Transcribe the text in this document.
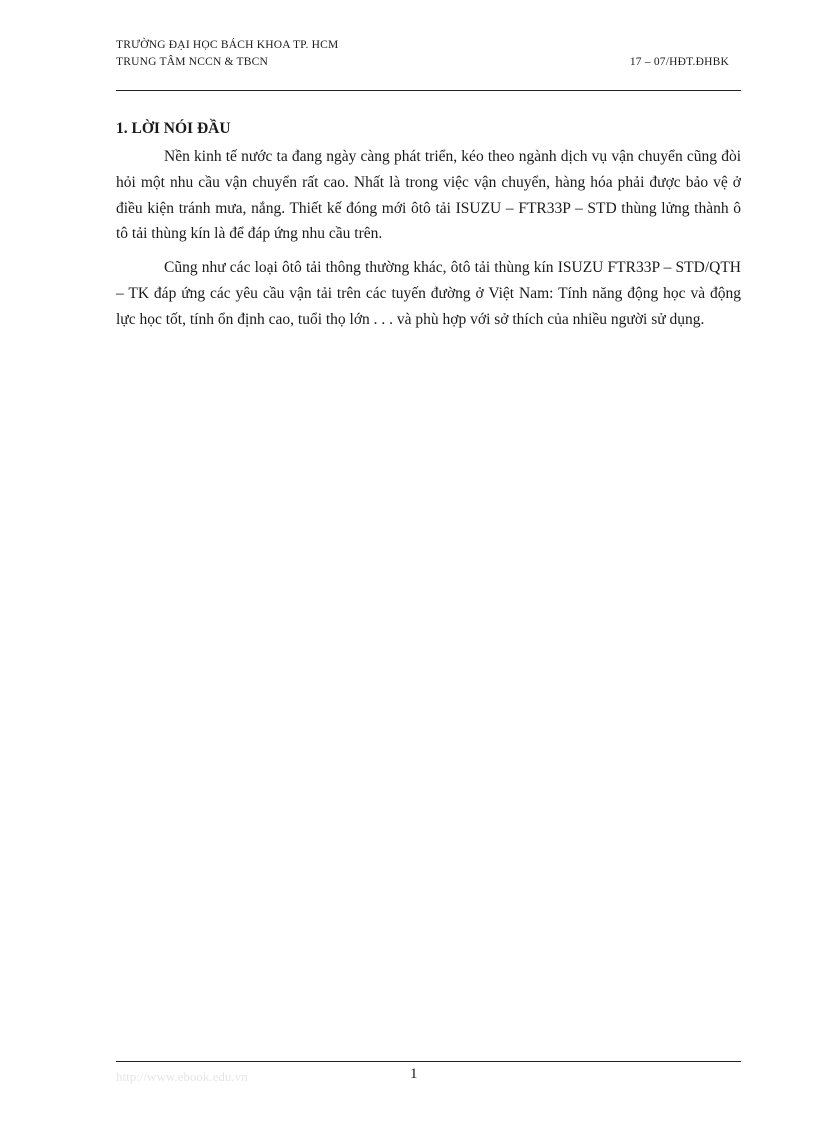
TRƯỜNG ĐẠI HỌC BÁCH KHOA TP. HCM
TRUNG TÂM NCCN & TBCN	17 – 07/HĐT.ĐHBK
1. LỜI NÓI ĐẦU

Nền kinh tế nước ta đang ngày càng phát triển, kéo theo ngành dịch vụ vận chuyển cũng đòi hỏi một nhu cầu vận chuyển rất cao. Nhất là trong việc vận chuyển, hàng hóa phải được bảo vệ ở điều kiện tránh mưa, nắng. Thiết kế đóng mới ôtô tải ISUZU – FTR33P – STD thùng lửng thành ô tô tải thùng kín là để đáp ứng nhu cầu trên.

Cũng như các loại ôtô tải thông thường khác, ôtô tải thùng kín ISUZU FTR33P – STD/QTH – TK đáp ứng các yêu cầu vận tải trên các tuyến đường ở Việt Nam: Tính năng động học và động lực học tốt, tính ổn định cao, tuổi thọ lớn . . . và phù hợp với sở thích của nhiều người sử dụng.

http://www.ebook.edu.vn	1
